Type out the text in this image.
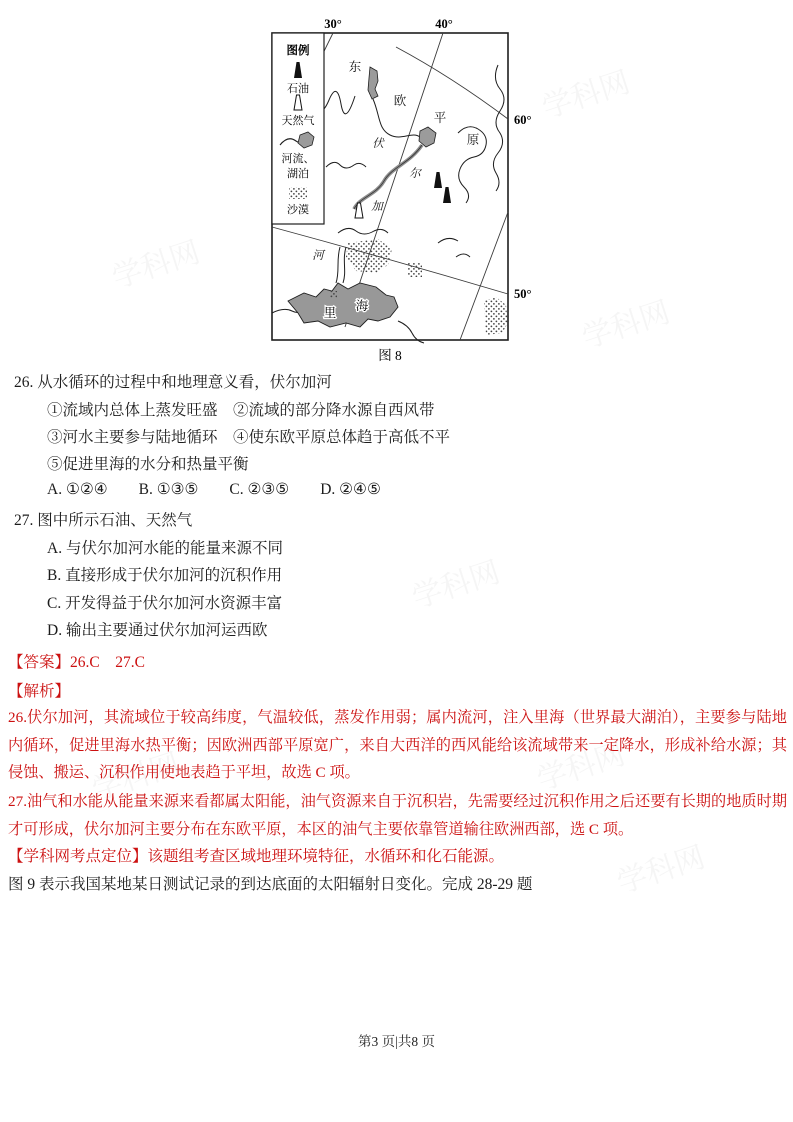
学科网
学科网
学科网
学科网
学科网	学科网
学科网
30°	40°
60°
50°
东
欧
平
原
伏
尔
加
河
里 海
图例
石油
天然气
河流、
湖泊
沙漠
图 8
26. 从水循环的过程中和地理意义看，伏尔加河
①流域内总体上蒸发旺盛　②流域的部分降水源自西风带
③河水主要参与陆地循环　④使东欧平原总体趋于高低不平
⑤促进里海的水分和热量平衡
A. ①②④ B. ①③⑤ C. ②③⑤ D. ②④⑤
27. 图中所示石油、天然气
A. 与伏尔加河水能的能量来源不同
B. 直接形成于伏尔加河的沉积作用
C. 开发得益于伏尔加河水资源丰富
D. 输出主要通过伏尔加河运西欧
【答案】26.C　27.C
【解析】
26.伏尔加河，其流域位于较高纬度，气温较低，蒸发作用弱；属内流河，注入里海（世界最大湖泊），主要参与陆地内循环，促进里海水热平衡；因欧洲西部平原宽广，来自大西洋的西风能给该流域带来一定降水，形成补给水源；其侵蚀、搬运、沉积作用使地表趋于平坦，故选 C 项。
27.油气和水能从能量来源来看都属太阳能，油气资源来自于沉积岩，先需要经过沉积作用之后还要有长期的地质时期才可形成，伏尔加河主要分布在东欧平原，本区的油气主要依靠管道输往欧洲西部，选 C 项。
【学科网考点定位】该题组考查区域地理环境特征，水循环和化石能源。
图 9 表示我国某地某日测试记录的到达底面的太阳辐射日变化。完成 28-29 题
第3 页|共8 页
